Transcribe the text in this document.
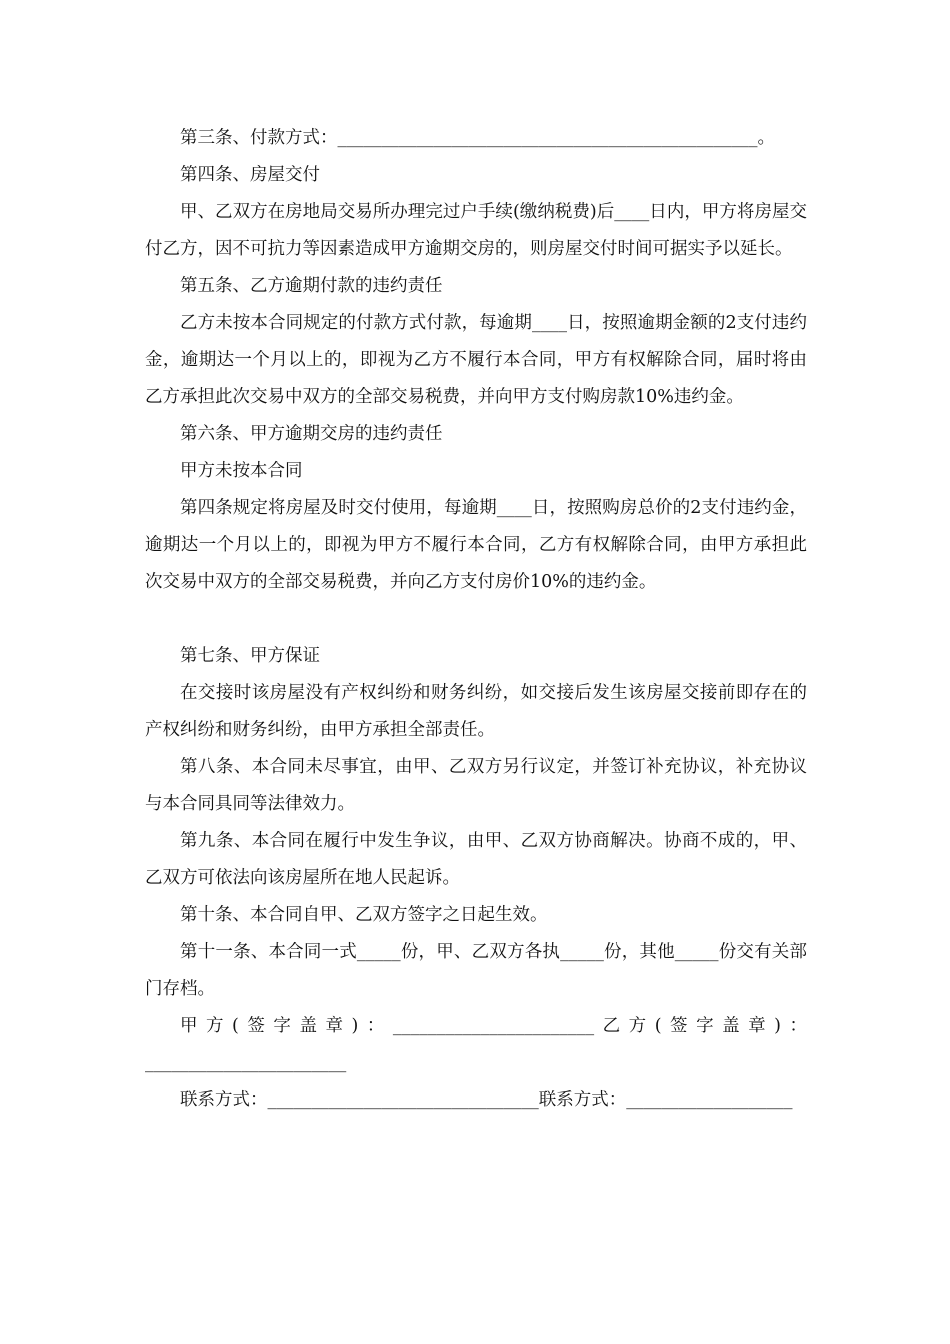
第三条、付款方式：________________________________________________。

第四条、房屋交付

甲、乙双方在房地局交易所办理完过户手续(缴纳税费)后____日内，甲方将房屋交付乙方，因不可抗力等因素造成甲方逾期交房的，则房屋交付时间可据实予以延长。

第五条、乙方逾期付款的违约责任

乙方未按本合同规定的付款方式付款，每逾期____日，按照逾期金额的2支付违约金，逾期达一个月以上的，即视为乙方不履行本合同，甲方有权解除合同，届时将由乙方承担此次交易中双方的全部交易税费，并向甲方支付购房款10%违约金。

第六条、甲方逾期交房的违约责任

甲方未按本合同

第四条规定将房屋及时交付使用，每逾期____日，按照购房总价的2支付违约金，逾期达一个月以上的，即视为甲方不履行本合同，乙方有权解除合同，由甲方承担此次交易中双方的全部交易税费，并向乙方支付房价10%的违约金。

第七条、甲方保证

在交接时该房屋没有产权纠纷和财务纠纷，如交接后发生该房屋交接前即存在的产权纠纷和财务纠纷，由甲方承担全部责任。

第八条、本合同未尽事宜，由甲、乙双方另行议定，并签订补充协议，补充协议与本合同具同等法律效力。

第九条、本合同在履行中发生争议，由甲、乙双方协商解决。协商不成的，甲、乙双方可依法向该房屋所在地人民起诉。

第十条、本合同自甲、乙双方签字之日起生效。

第十一条、本合同一式_____份，甲、乙双方各执_____份，其他_____份交有关部门存档。

甲方(签字盖章)：_______________________乙方(签字盖章)：_______________________

联系方式：_______________________________联系方式：___________________
